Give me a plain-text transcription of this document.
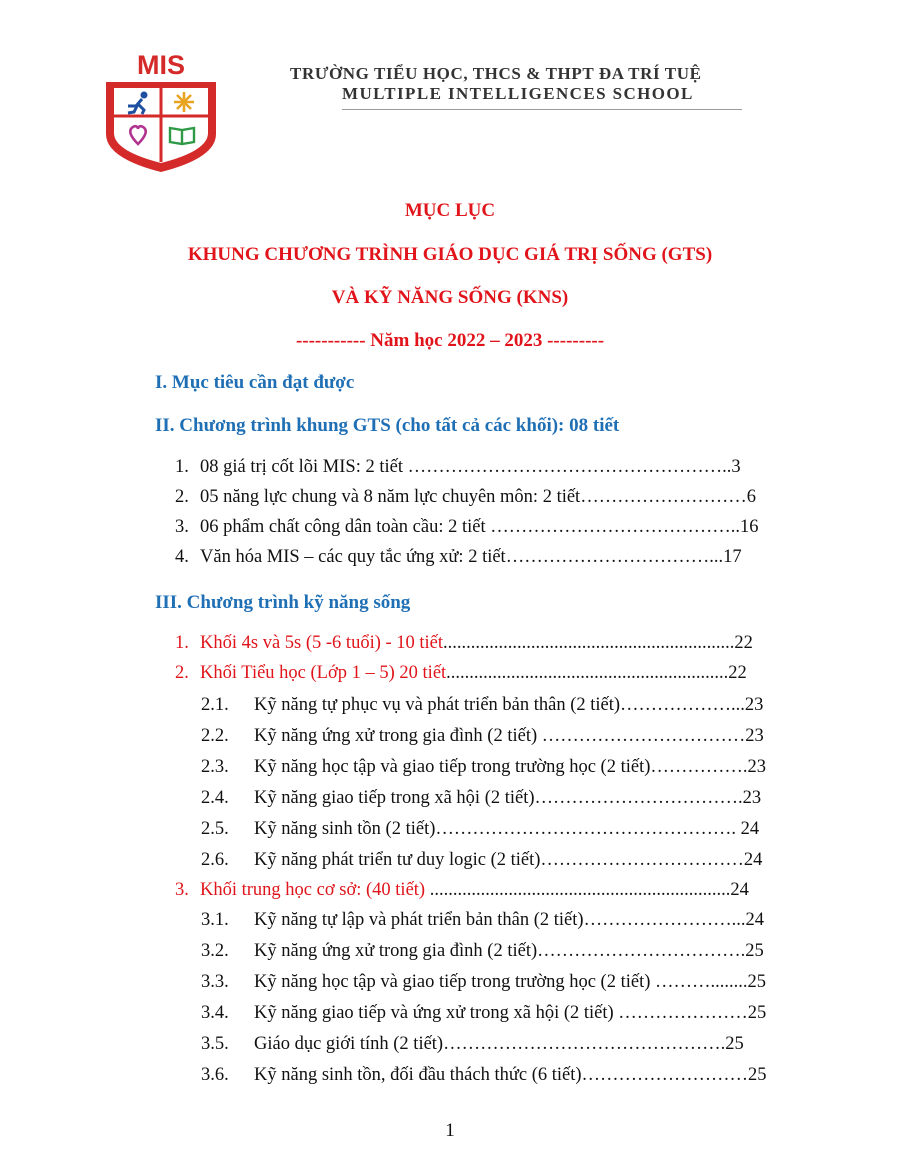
MIS	TRƯỜNG TIỂU HỌC, THCS & THPT ĐA TRÍ TUỆ
MULTIPLE INTELLIGENCES SCHOOL
MỤC LỤC
KHUNG CHƯƠNG TRÌNH GIÁO DỤC GIÁ TRỊ SỐNG (GTS)
VÀ KỸ NĂNG SỐNG (KNS)
----------- Năm học 2022 – 2023 ---------
I. Mục tiêu cần đạt được
II. Chương trình khung GTS (cho tất cả các khối): 08 tiết
1. 08 giá trị cốt lõi MIS: 2 tiết ……………………………………………..3
2. 05 năng lực chung và 8 năm lực chuyên môn: 2 tiết………………………6
3. 06 phẩm chất công dân toàn cầu: 2 tiết …………………………………..16
4. Văn hóa MIS – các quy tắc ứng xử: 2 tiết……………………………...17
III. Chương trình kỹ năng sống
1. Khối 4s và 5s (5 -6 tuổi) - 10 tiết...............................................................22
2. Khối Tiểu học (Lớp 1 – 5) 20 tiết.............................................................22
2.1. Kỹ năng tự phục vụ và phát triển bản thân (2 tiết)………………...23
2.2. Kỹ năng ứng xử trong gia đình (2 tiết) ……………………………23
2.3. Kỹ năng học tập và giao tiếp trong trường học (2 tiết)…………….23
2.4. Kỹ năng giao tiếp trong xã hội (2 tiết)…………………………….23
2.5. Kỹ năng sinh tồn (2 tiết)…………………………………………. 24
2.6. Kỹ năng phát triển tư duy logic (2 tiết)……………………………24
3. Khối trung học cơ sở: (40 tiết) .................................................................24
3.1. Kỹ năng tự lập và phát triển bản thân (2 tiết)……………………...24
3.2. Kỹ năng ứng xử trong gia đình (2 tiết)…………………………….25
3.3. Kỹ năng học tập và giao tiếp trong trường học (2 tiết) ………........25
3.4. Kỹ năng giao tiếp và ứng xử trong xã hội (2 tiết) …………………25
3.5. Giáo dục giới tính (2 tiết)……………………………………….25
3.6. Kỹ năng sinh tồn, đối đầu thách thức (6 tiết)………………………25
1
